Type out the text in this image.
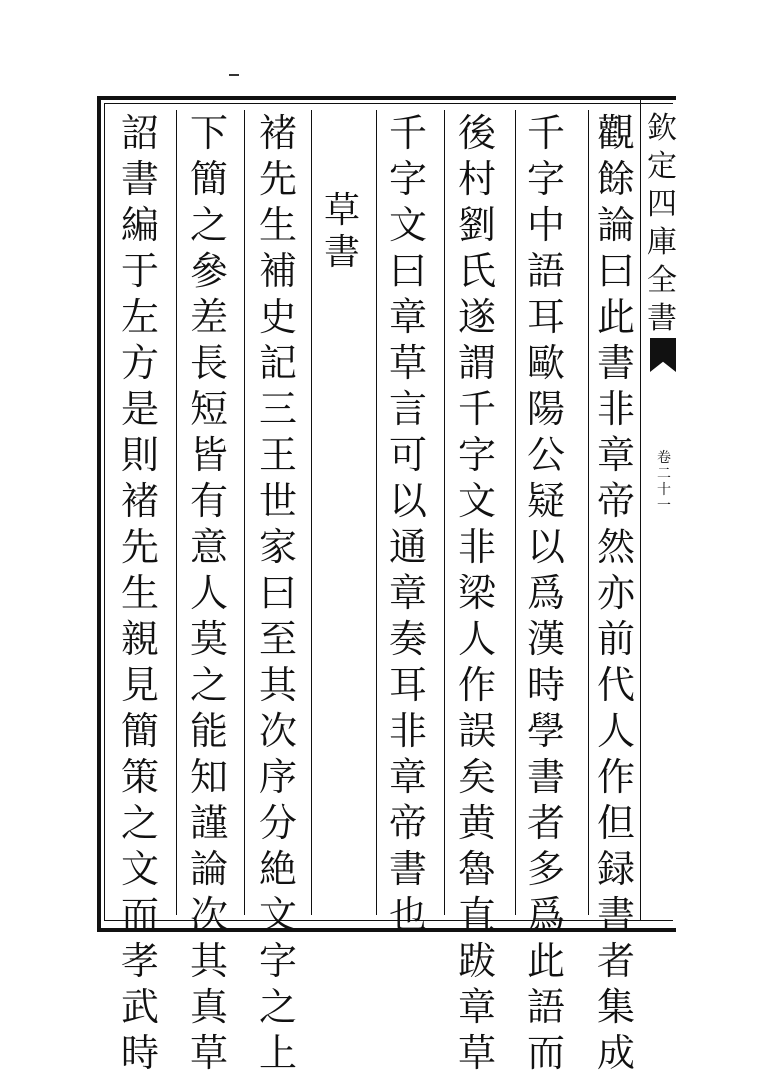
欽
定
四
庫
全
書
卷
二
十
一
觀
餘
論
曰
此
書
非
章
帝
然
亦
前
代
人
作
但
録
書
者
集
成
千
字
中
語
耳
歐
陽
公
疑
以
爲
漢
時
學
書
者
多
爲
此
語
而
後
村
劉
氏
遂
謂
千
字
文
非
梁
人
作
誤
矣
黄
魯
直
跋
章
草
千
字
文
曰
章
草
言
可
以
通
章
奏
耳
非
章
帝
書
也
草
書
褚
先
生
補
史
記
三
王
世
家
曰
至
其
次
序
分
絶
文
字
之
上
下
簡
之
參
差
長
短
皆
有
意
人
莫
之
能
知
謹
論
次
其
真
草
詔
書
編
于
左
方
是
則
褚
先
生
親
見
簡
策
之
文
而
孝
武
時
